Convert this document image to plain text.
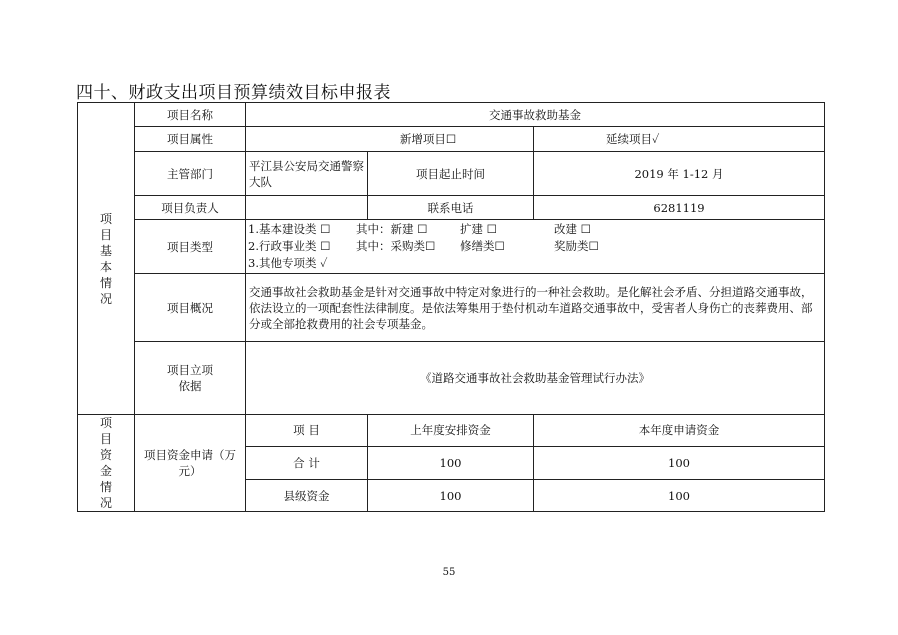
四十、财政支出项目预算绩效目标申报表
项目基本情况	项目名称	交通事故救助基金		
	项目属性	新增项目☐		延续项目✓
	主管部门	平江县公安局交通警察大队	项目起止时间	2019 年 1-12 月
	项目负责人		联系电话	6281119
	项目类型	1.基本建设类 ☐ 其中：新建 ☐ 扩建 ☐ 改建 ☐
2.行政事业类 ☐ 其中：采购类☐ 修缮类☐ 奖励类☐
3.其他专项类 ✓		

	项目概况	交通事故社会救助基金是针对交通事故中特定对象进行的一种社会救助。是化解社会矛盾、分担道路交通事故，依法设立的一项配套性法律制度。是依法筹集用于垫付机动车道路交通事故中，受害者人身伤亡的丧葬费用、部分或全部抢救费用的社会专项基金。		

	项目立项
依据	《道路交通事故社会救助基金管理试行办法》		

项目资金情况	项目资金申请（万元）	项 目	上年度安排资金	本年度申请资金
		合 计	100	100
		县级资金	100	100
55
